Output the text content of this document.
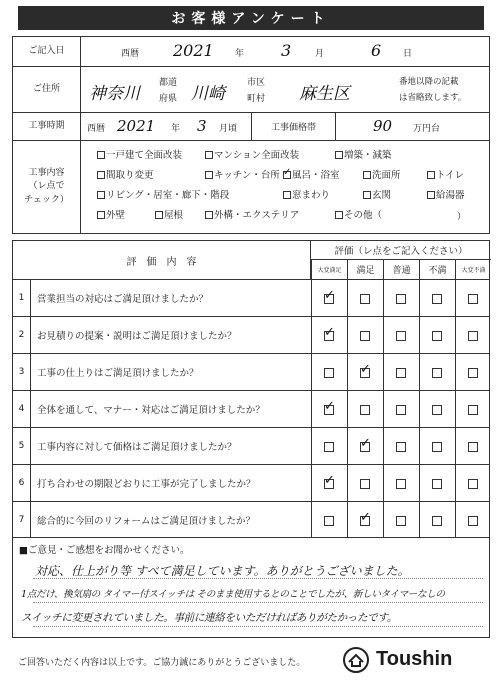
お客様アンケート
ご記入日	西暦 2021 年 3	月	6 日
ご住所	神奈川
都道
府県 川崎
市区
町村 麻生区
番地以降の記載
は省略致します。
工事時期	西暦 2021 年 3 月頃	工事価格帯	90 万円台
工事内容
（レ点で
チェック）
一戸建て全面改装	マンション全面改装	増築・減築
間取り変更	キッチン・台所
✓	風呂・浴室	洗面所	トイレ
リビング・居室・廊下・階段	窓まわり	玄関	給湯器
外壁	屋根	外構・エクステリア	その他（	）
評　価　内　容
評価（レ点をご記入ください）
大変満足	満足	普通	不満	大変不満
1	営業担当の対応はご満足頂けましたか？
✓
2	お見積りの提案・説明はご満足頂けましたか？
✓
3	工事の仕上りはご満足頂けましたか？
✓
4	全体を通して、マナー・対応はご満足頂けましたか？
✓
5	工事内容に対して価格はご満足頂けましたか？
✓
6	打ち合わせの期限どおりに工事が完了しましたか？
✓
7	総合的に今回のリフォームはご満足頂けましたか？
✓
■ご意見・ご感想をお聞かせください。
対応、仕上がり等 すべて満足しています。ありがとうございました。
1点だけ、換気扇の タイマー付スイッチは そのまま使用するとのことでしたが、新しいタイマーなしの
スイッチに変更されていました。事前に連絡をいただければありがたかったです。
ご回答いただく内容は以上です。ご協力誠にありがとうございました。	Toushin
